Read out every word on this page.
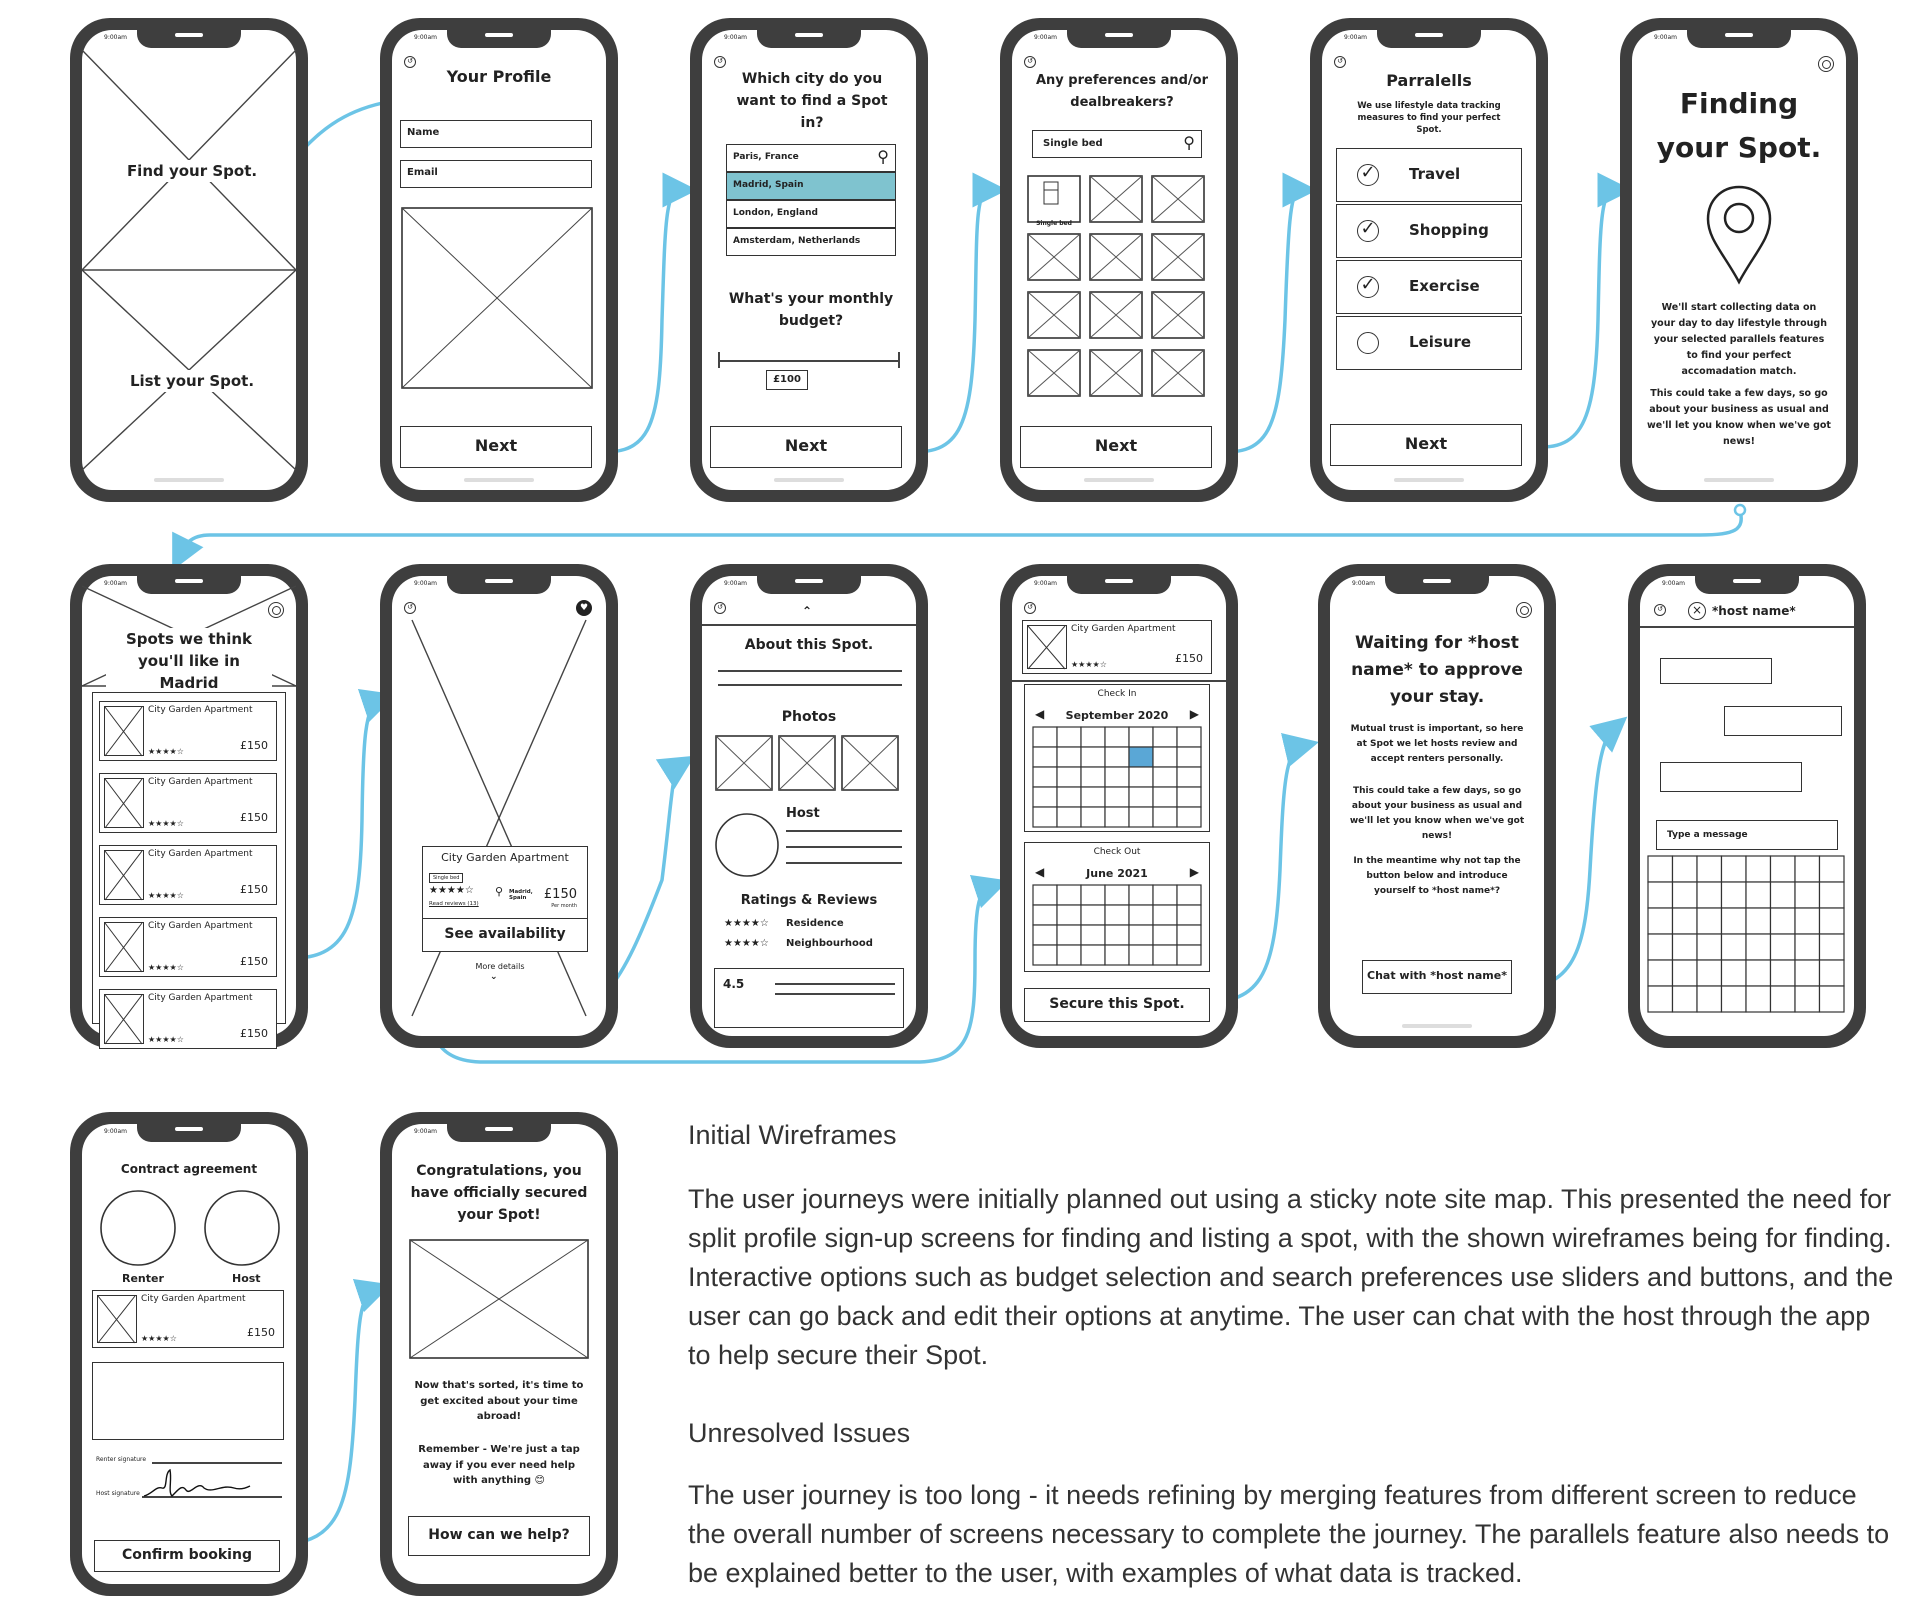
9:00am
Find your Spot.
List your Spot.
9:00am
↺
Your Profile
Name
Email
Next
9:00am
↺
Which city do you want to find a Spot in?
Paris, France	⚲
Madrid, Spain
London, England
Amsterdam, Netherlands
What's your monthly budget?
£100
Next
9:00am
↺
Any preferences and/or dealbreakers?
Single bed	⚲
Single bed
Next
9:00am
↺
Parralells
We use lifestyle data tracking measures to find your perfect Spot.
✓ Travel
✓ Shopping
✓ Exercise
Leisure
Next
9:00am
Finding your Spot.
We'll start collecting data on your day to day lifestyle through your selected parallels features to find your perfect accomadation match.
This could take a few days, so go about your business as usual and we'll let you know when we've got news!
9:00am
Spots we think you'll like in Madrid
City Garden Apartment
★★★★☆	£150
City Garden Apartment
★★★★☆	£150
City Garden Apartment
★★★★☆	£150
City Garden Apartment
★★★★☆	£150
City Garden Apartment
★★★★☆	£150
9:00am
↺	♥
City Garden Apartment
Single bed
★★★★☆
Read reviews (13)
⚲ Madrid, Spain	£150
Per month
See availability
More details
⌄
9:00am
↺	⌃
About this Spot.
Photos
Host
Ratings & Reviews
★★★★☆ Residence
★★★★☆ Neighbourhood
4.5
9:00am
↺
City Garden Apartment
★★★★☆	£150
Check In
◀	September 2020	▶
Check Out
◀	June 2021	▶
Secure this Spot.
9:00am
Waiting for *host name* to approve your stay.
Mutual trust is important, so here at Spot we let hosts review and accept renters personally.
This could take a few days, so go about your business as usual and we'll let you know when we've got news!
In the meantime why not tap the button below and introduce yourself to *host name*?
Chat with *host name*
9:00am
↺	× *host name*
Type a message
9:00am
Contract agreement
Renter	Host
City Garden Apartment
★★★★☆	£150
Renter signature
Host signature
Confirm booking
9:00am
Congratulations, you have officially secured your Spot!
Now that's sorted, it's time to get excited about your time abroad!
Remember - We're just a tap away if you ever need help with anything 😊
How can we help?
Initial Wireframes
The user journeys were initially planned out using a sticky note site map. This presented the need for split profile sign-up screens for finding and listing a spot, with the shown wireframes being for finding. Interactive options such as budget selection and search preferences use sliders and buttons, and the user can go back and edit their options at anytime. The user can chat with the host through the app to help secure their Spot.
Unresolved Issues
The user journey is too long - it needs refining by merging features from different screen to reduce the overall number of screens necessary to complete the journey. The parallels feature also needs to be explained better to the user, with examples of what data is tracked.
